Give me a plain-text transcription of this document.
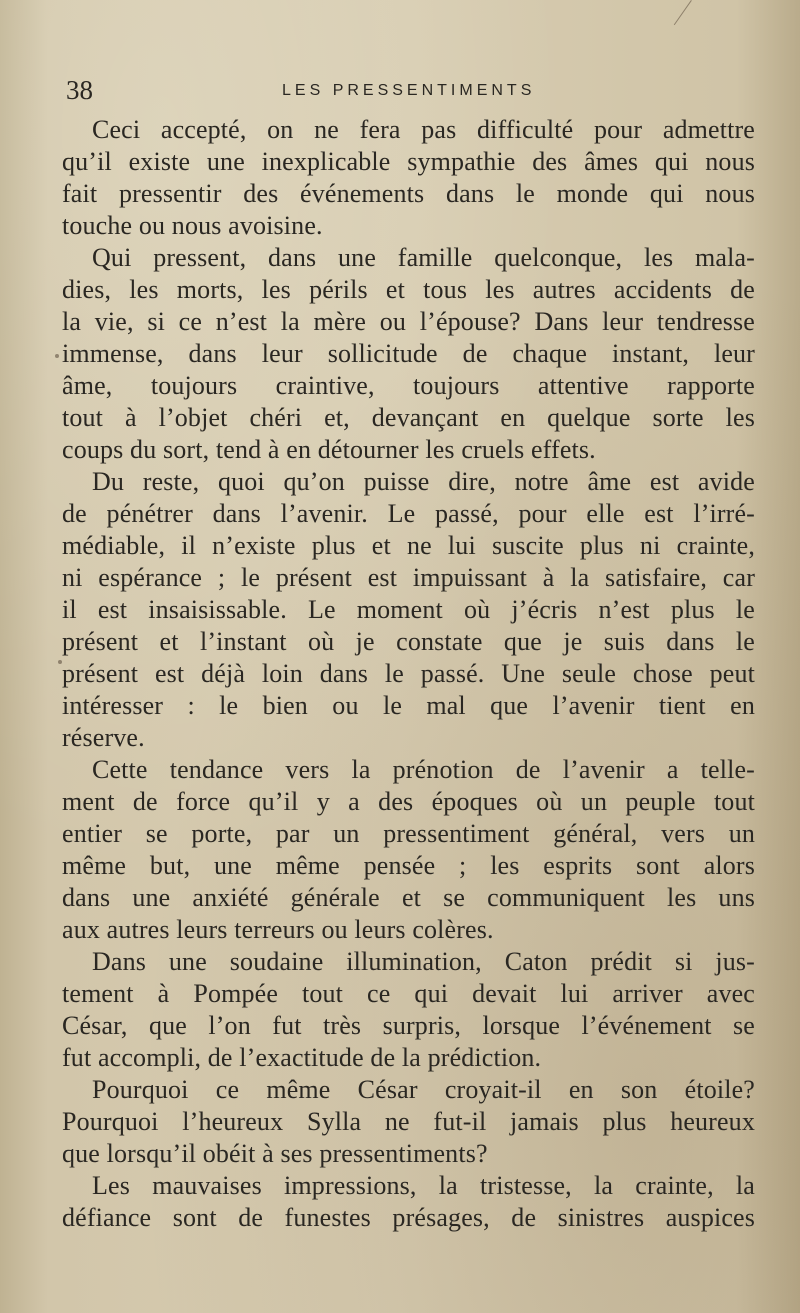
38	LES PRESSENTIMENTS

Ceci accepté, on ne fera pas difficulté pour admettre
qu’il existe une inexplicable sympathie des âmes qui nous
fait pressentir des événements dans le monde qui nous
touche ou nous avoisine.

Qui pressent, dans une famille quelconque, les mala-
dies, les morts, les périls et tous les autres accidents de
la vie, si ce n’est la mère ou l’épouse? Dans leur tendresse
immense, dans leur sollicitude de chaque instant, leur
âme, toujours craintive, toujours attentive rapporte
tout à l’objet chéri et, devançant en quelque sorte les
coups du sort, tend à en détourner les cruels effets.

Du reste, quoi qu’on puisse dire, notre âme est avide
de pénétrer dans l’avenir. Le passé, pour elle est l’irré-
médiable, il n’existe plus et ne lui suscite plus ni crainte,
ni espérance ; le présent est impuissant à la satisfaire, car
il est insaisissable. Le moment où j’écris n’est plus le
présent et l’instant où je constate que je suis dans le
présent est déjà loin dans le passé. Une seule chose peut
intéresser : le bien ou le mal que l’avenir tient en
réserve.

Cette tendance vers la prénotion de l’avenir a telle-
ment de force qu’il y a des époques où un peuple tout
entier se porte, par un pressentiment général, vers un
même but, une même pensée ; les esprits sont alors
dans une anxiété générale et se communiquent les uns
aux autres leurs terreurs ou leurs colères.

Dans une soudaine illumination, Caton prédit si jus-
tement à Pompée tout ce qui devait lui arriver avec
César, que l’on fut très surpris, lorsque l’événement se
fut accompli, de l’exactitude de la prédiction.

Pourquoi ce même César croyait-il en son étoile?
Pourquoi l’heureux Sylla ne fut-il jamais plus heureux
que lorsqu’il obéit à ses pressentiments?

Les mauvaises impressions, la tristesse, la crainte, la
défiance sont de funestes présages, de sinistres auspices
